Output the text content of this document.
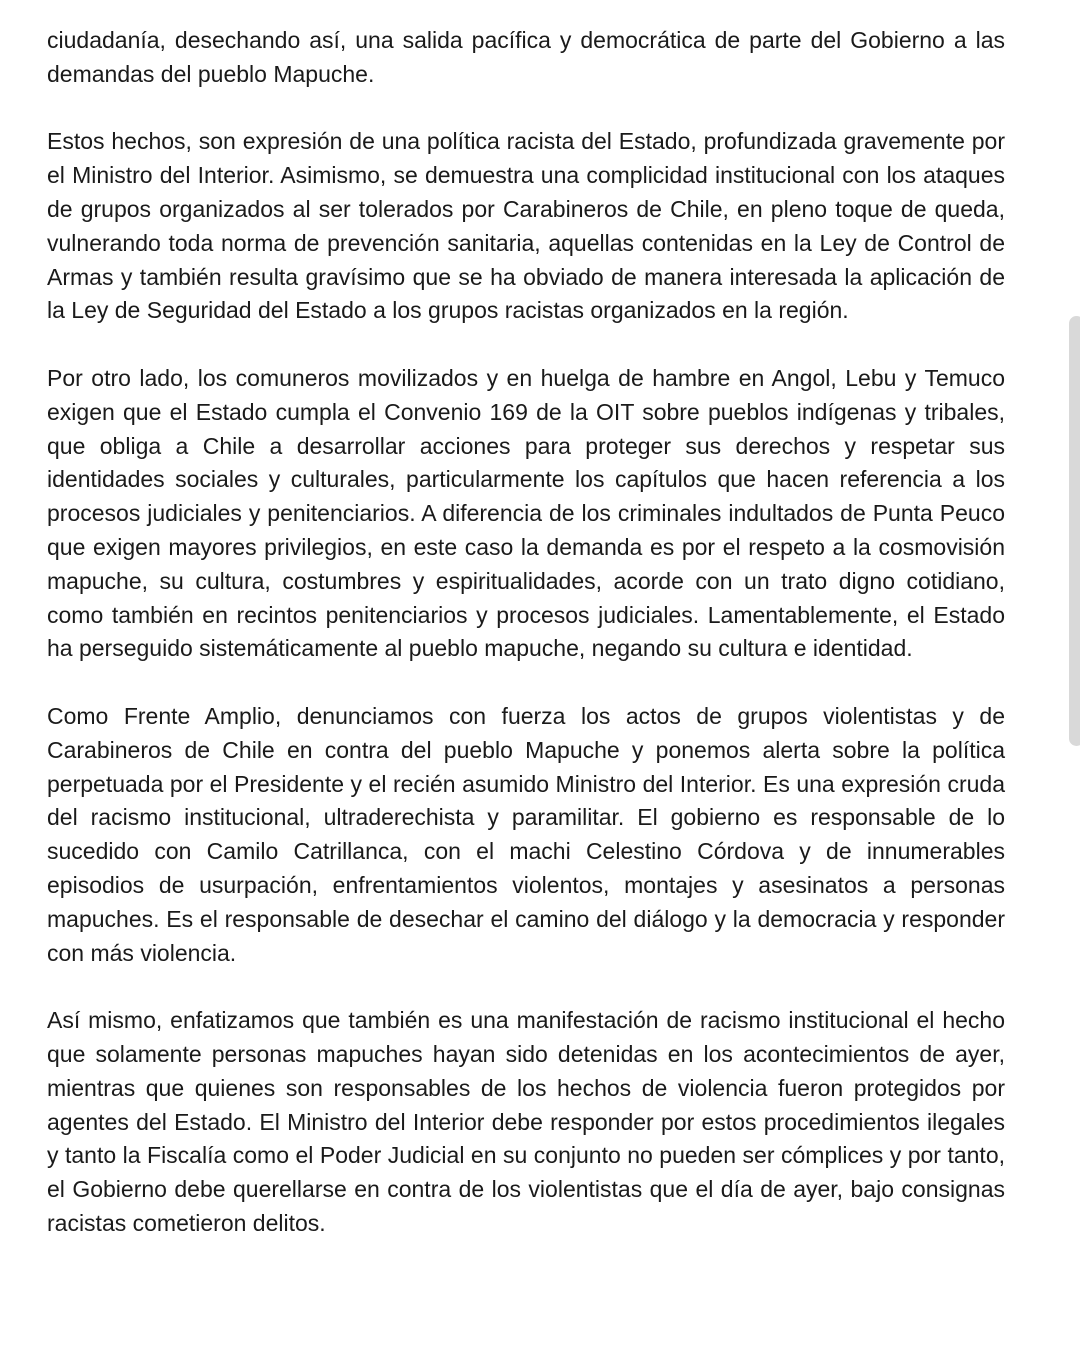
ciudadanía, desechando así, una salida pacífica y democrática de parte del Gobierno a las demandas del pueblo Mapuche.

Estos hechos, son expresión de una política racista del Estado, profundizada gravemente por el Ministro del Interior. Asimismo, se demuestra una complicidad institucional con los ataques de grupos organizados al ser tolerados por Carabineros de Chile, en pleno toque de queda, vulnerando toda norma de prevención sanitaria, aquellas contenidas en la Ley de Control de Armas y también resulta gravísimo que se ha obviado de manera interesada la aplicación de la Ley de Seguridad del Estado a los grupos racistas organizados en la región.

Por otro lado, los comuneros movilizados y en huelga de hambre en Angol, Lebu y Temuco exigen que el Estado cumpla el Convenio 169 de la OIT sobre pueblos indígenas y tribales, que obliga a Chile a desarrollar acciones para proteger sus derechos y respetar sus identidades sociales y culturales, particularmente los capítulos que hacen referencia a los procesos judiciales y penitenciarios. A diferencia de los criminales indultados de Punta Peuco que exigen mayores privilegios, en este caso la demanda es por el respeto a la cosmovisión mapuche, su cultura, costumbres y espiritualidades, acorde con un trato digno cotidiano, como también en recintos penitenciarios y procesos judiciales. Lamentablemente, el Estado ha perseguido sistemáticamente al pueblo mapuche, negando su cultura e identidad.

Como Frente Amplio, denunciamos con fuerza los actos de grupos violentistas y de Carabineros de Chile en contra del pueblo Mapuche y ponemos alerta sobre la política perpetuada por el Presidente y el recién asumido Ministro del Interior. Es una expresión cruda del racismo institucional, ultraderechista y paramilitar. El gobierno es responsable de lo sucedido con Camilo Catrillanca, con el machi Celestino Córdova y de innumerables episodios de usurpación, enfrentamientos violentos, montajes y asesinatos a personas mapuches. Es el responsable de desechar el camino del diálogo y la democracia y responder con más violencia.

Así mismo, enfatizamos que también es una manifestación de racismo institucional el hecho que solamente personas mapuches hayan sido detenidas en los acontecimientos de ayer, mientras que quienes son responsables de los hechos de violencia fueron protegidos por agentes del Estado. El Ministro del Interior debe responder por estos procedimientos ilegales y tanto la Fiscalía como el Poder Judicial en su conjunto no pueden ser cómplices y por tanto, el Gobierno debe querellarse en contra de los violentistas que el día de ayer, bajo consignas racistas cometieron delitos.
